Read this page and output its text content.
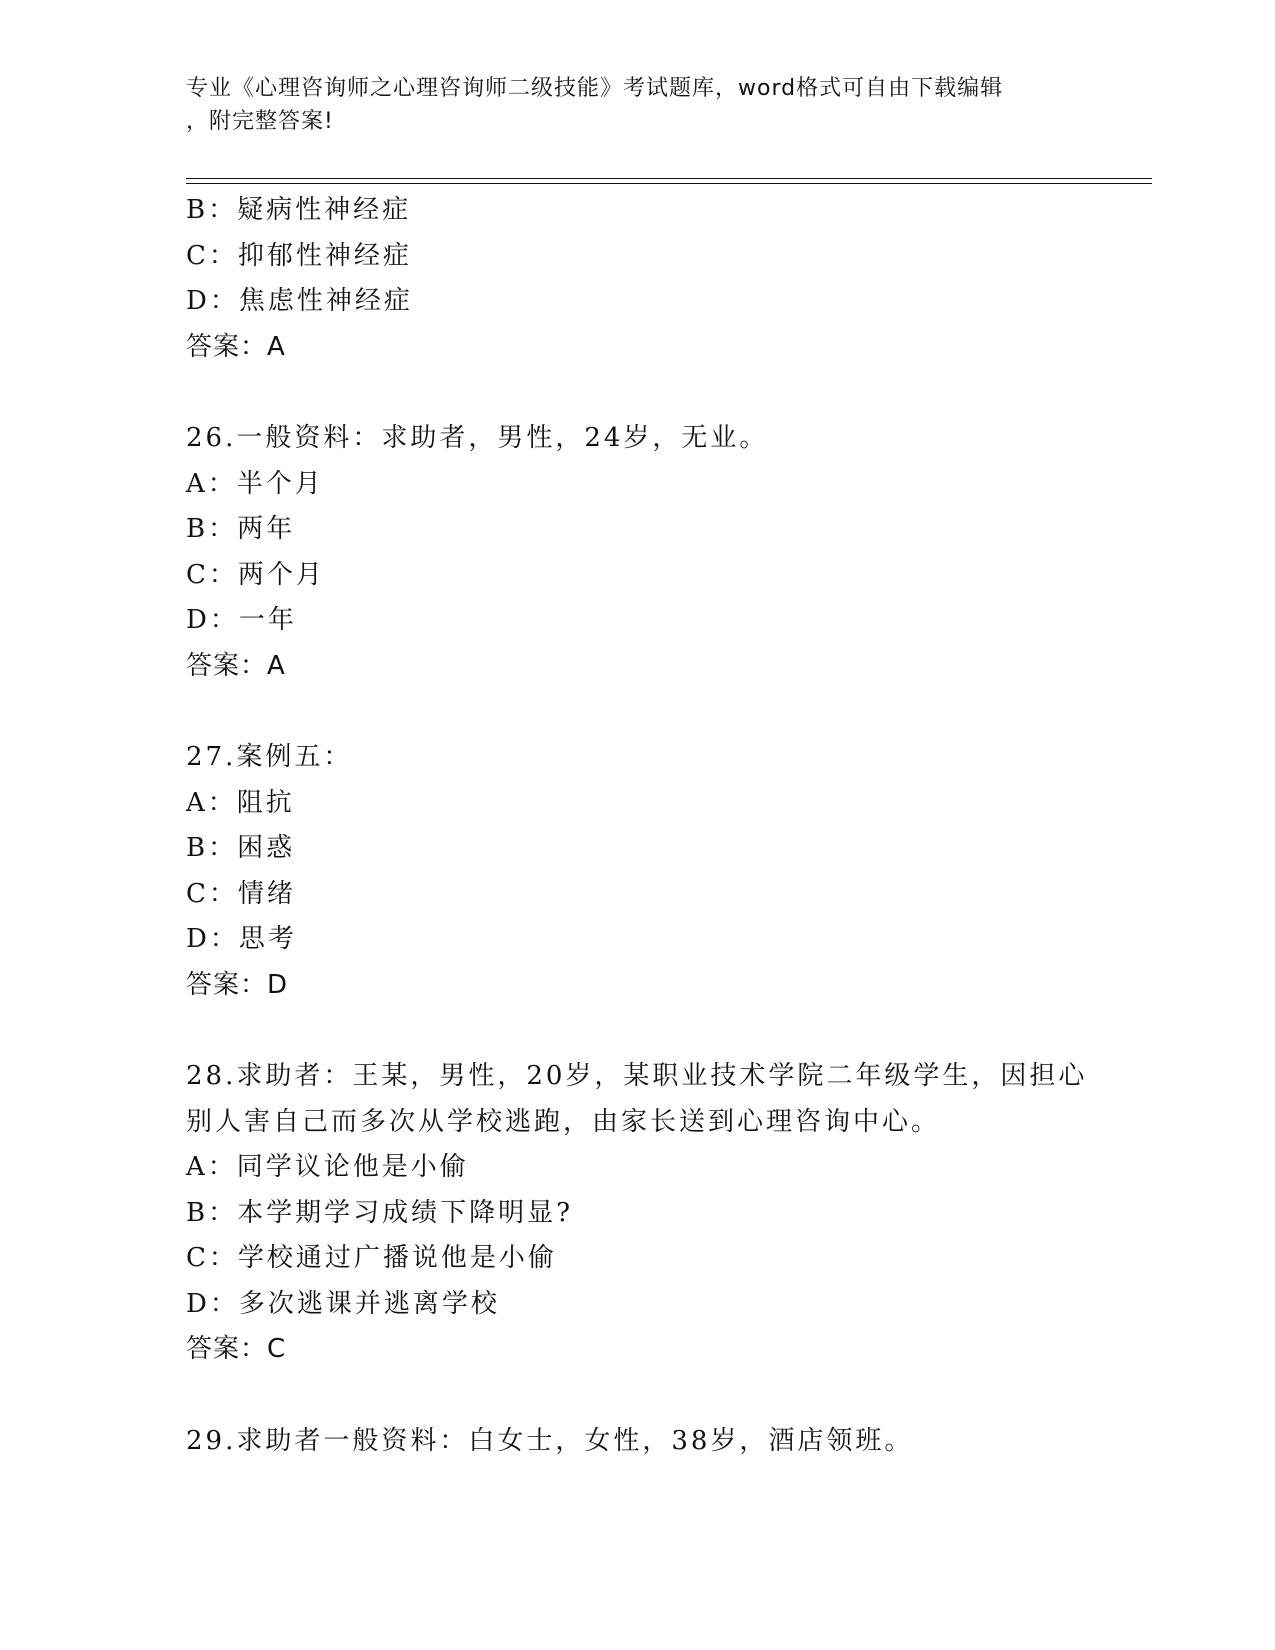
专业《心理咨询师之心理咨询师二级技能》考试题库，word格式可自由下载编辑
，附完整答案!
B：疑病性神经症
C：抑郁性神经症
D：焦虑性神经症
答案：A
26.一般资料：求助者，男性，24岁，无业。
A：半个月
B：两年
C：两个月
D：一年
答案：A
27.案例五：
A：阻抗
B：困惑
C：情绪
D：思考
答案：D
28.求助者：王某，男性，20岁，某职业技术学院二年级学生，因担心
别人害自己而多次从学校逃跑，由家长送到心理咨询中心。
A：同学议论他是小偷
B：本学期学习成绩下降明显?
C：学校通过广播说他是小偷
D：多次逃课并逃离学校
答案：C
29.求助者一般资料：白女士，女性，38岁，酒店领班。
